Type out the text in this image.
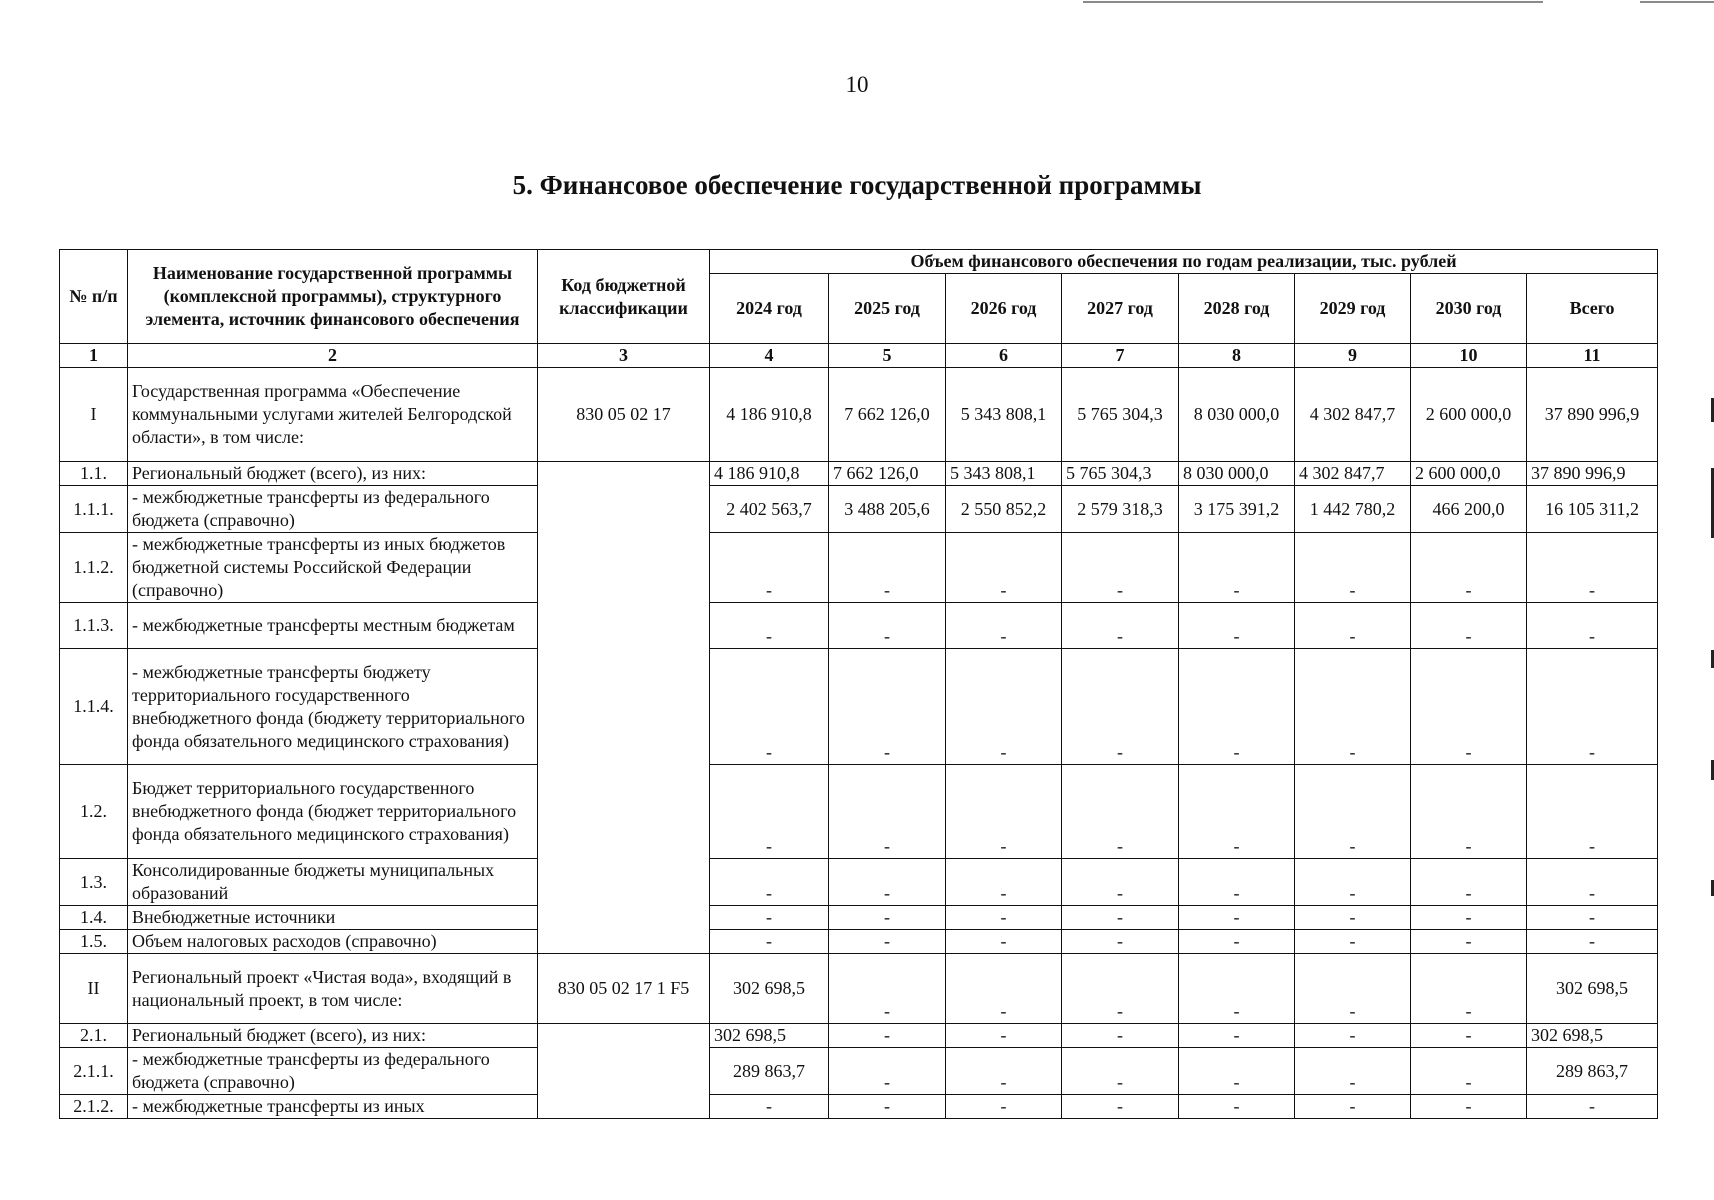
10
5. Финансовое обеспечение государственной программы
№ п/п	Наименование государственной программы (комплексной программы), структурного элемента, источник финансового обеспечения	Код бюджетной классификации	Объем финансового обеспечения по годам реализации, тыс. рублей							
			2024 год	2025 год	2026 год	2027 год	2028 год	2029 год	2030 год	Всего
1	2	3	4	5	6	7	8	9	10	11
I	Государственная программа «Обеспечение коммунальными услугами жителей Белгородской области», в том числе:	830 05 02 17	4 186 910,8	7 662 126,0	5 343 808,1	5 765 304,3	8 030 000,0	4 302 847,7	2 600 000,0	37 890 996,9
1.1.	Региональный бюджет (всего), из них:		4 186 910,8	7 662 126,0	5 343 808,1	5 765 304,3	8 030 000,0	4 302 847,7	2 600 000,0	37 890 996,9
1.1.1.	- межбюджетные трансферты из федерального бюджета (справочно)		2 402 563,7	3 488 205,6	2 550 852,2	2 579 318,3	3 175 391,2	1 442 780,2	466 200,0	16 105 311,2
1.1.2.	- межбюджетные трансферты из иных бюджетов бюджетной системы Российской Федерации (справочно)		-	-	-	-	-	-	-	-
1.1.3.	- межбюджетные трансферты местным бюджетам		-	-	-	-	-	-	-	-
1.1.4.	- межбюджетные трансферты бюджету территориального государственного внебюджетного фонда (бюджету территориального фонда обязательного медицинского страхования)		-	-	-	-	-	-	-	-
1.2.	Бюджет территориального государственного внебюджетного фонда (бюджет территориального фонда обязательного медицинского страхования)		-	-	-	-	-	-	-	-
1.3.	Консолидированные бюджеты муниципальных образований		-	-	-	-	-	-	-	-
1.4.	Внебюджетные источники		-	-	-	-	-	-	-	-
1.5.	Объем налоговых расходов (справочно)		-	-	-	-	-	-	-	-
II	Региональный проект «Чистая вода», входящий в национальный проект, в том числе:	830 05 02 17 1 F5	302 698,5	-	-	-	-	-	-	302 698,5
2.1.	Региональный бюджет (всего), из них:		302 698,5	-	-	-	-	-	-	302 698,5
2.1.1.	- межбюджетные трансферты из федерального бюджета (справочно)		289 863,7	-	-	-	-	-	-	289 863,7
2.1.2.	- межбюджетные трансферты из иных		-	-	-	-	-	-	-	-
